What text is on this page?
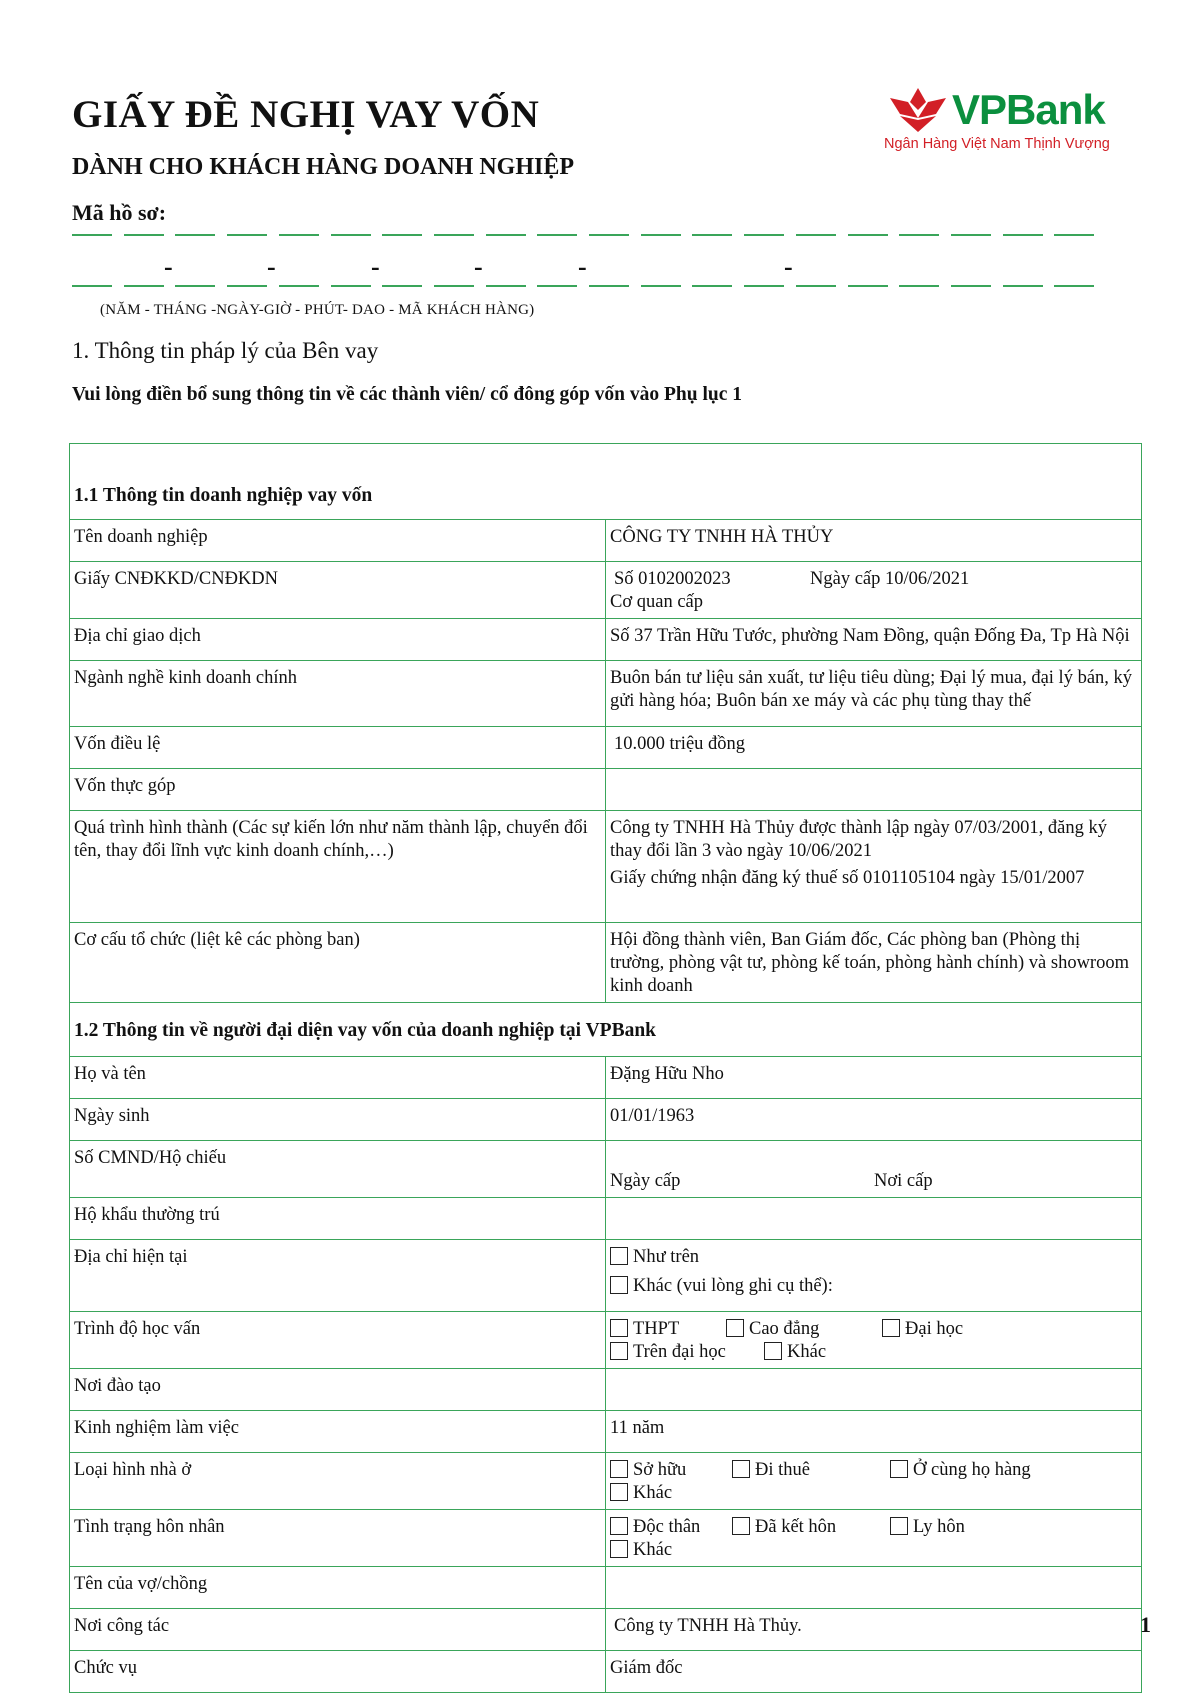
GIẤY ĐỀ NGHỊ VAY VỐN
DÀNH CHO KHÁCH HÀNG DOANH NGHIỆP
Mã hồ sơ:
VPBank
Ngân Hàng Việt Nam Thịnh Vượng
-	-	-	-	-	-
(NĂM - THÁNG -NGÀY-GIỜ - PHÚT- DAO - MÃ KHÁCH HÀNG)
1. Thông tin pháp lý của Bên vay
Vui lòng điền bổ sung thông tin về các thành viên/ cổ đông góp vốn vào Phụ lục 1
1.1 Thông tin doanh nghiệp vay vốn	
Tên doanh nghiệp	CÔNG TY TNHH HÀ THỦY
Giấy CNĐKKD/CNĐKDN	Số 0102002023 Ngày cấp 10/06/2021Cơ quan cấp
Địa chỉ giao dịch	Số 37 Trần Hữu Tước, phường Nam Đồng, quận Đống Đa, Tp Hà Nội
Ngành nghề kinh doanh chính	Buôn bán tư liệu sản xuất, tư liệu tiêu dùng; Đại lý mua, đại lý bán, ký gửi hàng hóa; Buôn bán xe máy và các phụ tùng thay thế
Vốn điều lệ	10.000 triệu đồng
Vốn thực góp	
Quá trình hình thành (Các sự kiến lớn như năm thành lập, chuyển đổi tên, thay đổi lĩnh vực kinh doanh chính,…)	Công ty TNHH Hà Thủy được thành lập ngày 07/03/2001, đăng ký thay đổi lần 3 vào ngày 10/06/2021
Giấy chứng nhận đăng ký thuế số 0101105104 ngày 15/01/2007

Cơ cấu tổ chức (liệt kê các phòng ban)	Hội đồng thành viên, Ban Giám đốc, Các phòng ban (Phòng thị trường, phòng vật tư, phòng kế toán, phòng hành chính) và showroom kinh doanh
1.2 Thông tin về người đại diện vay vốn của doanh nghiệp tại VPBank	
Họ và tên	Đặng Hữu Nho
Ngày sinh	01/01/1963
Số CMND/Hộ chiếu	Ngày cấp Nơi cấp
Hộ khẩu thường trú	
Địa chỉ hiện tại	Như trên
Khác (vui lòng ghi cụ thể):
Trình độ học vấn	THPT Cao đẳng Đại họcTrên đại học Khác
Nơi đào tạo	
Kinh nghiệm làm việc	11 năm
Loại hình nhà ở	Sở hữu Đi thuê Ở cùng họ hàngKhác
Tình trạng hôn nhân	Độc thân Đã kết hôn Ly hônKhác
Tên của vợ/chồng	
Nơi công tác	Công ty TNHH Hà Thủy.
Chức vụ	Giám đốc
1
